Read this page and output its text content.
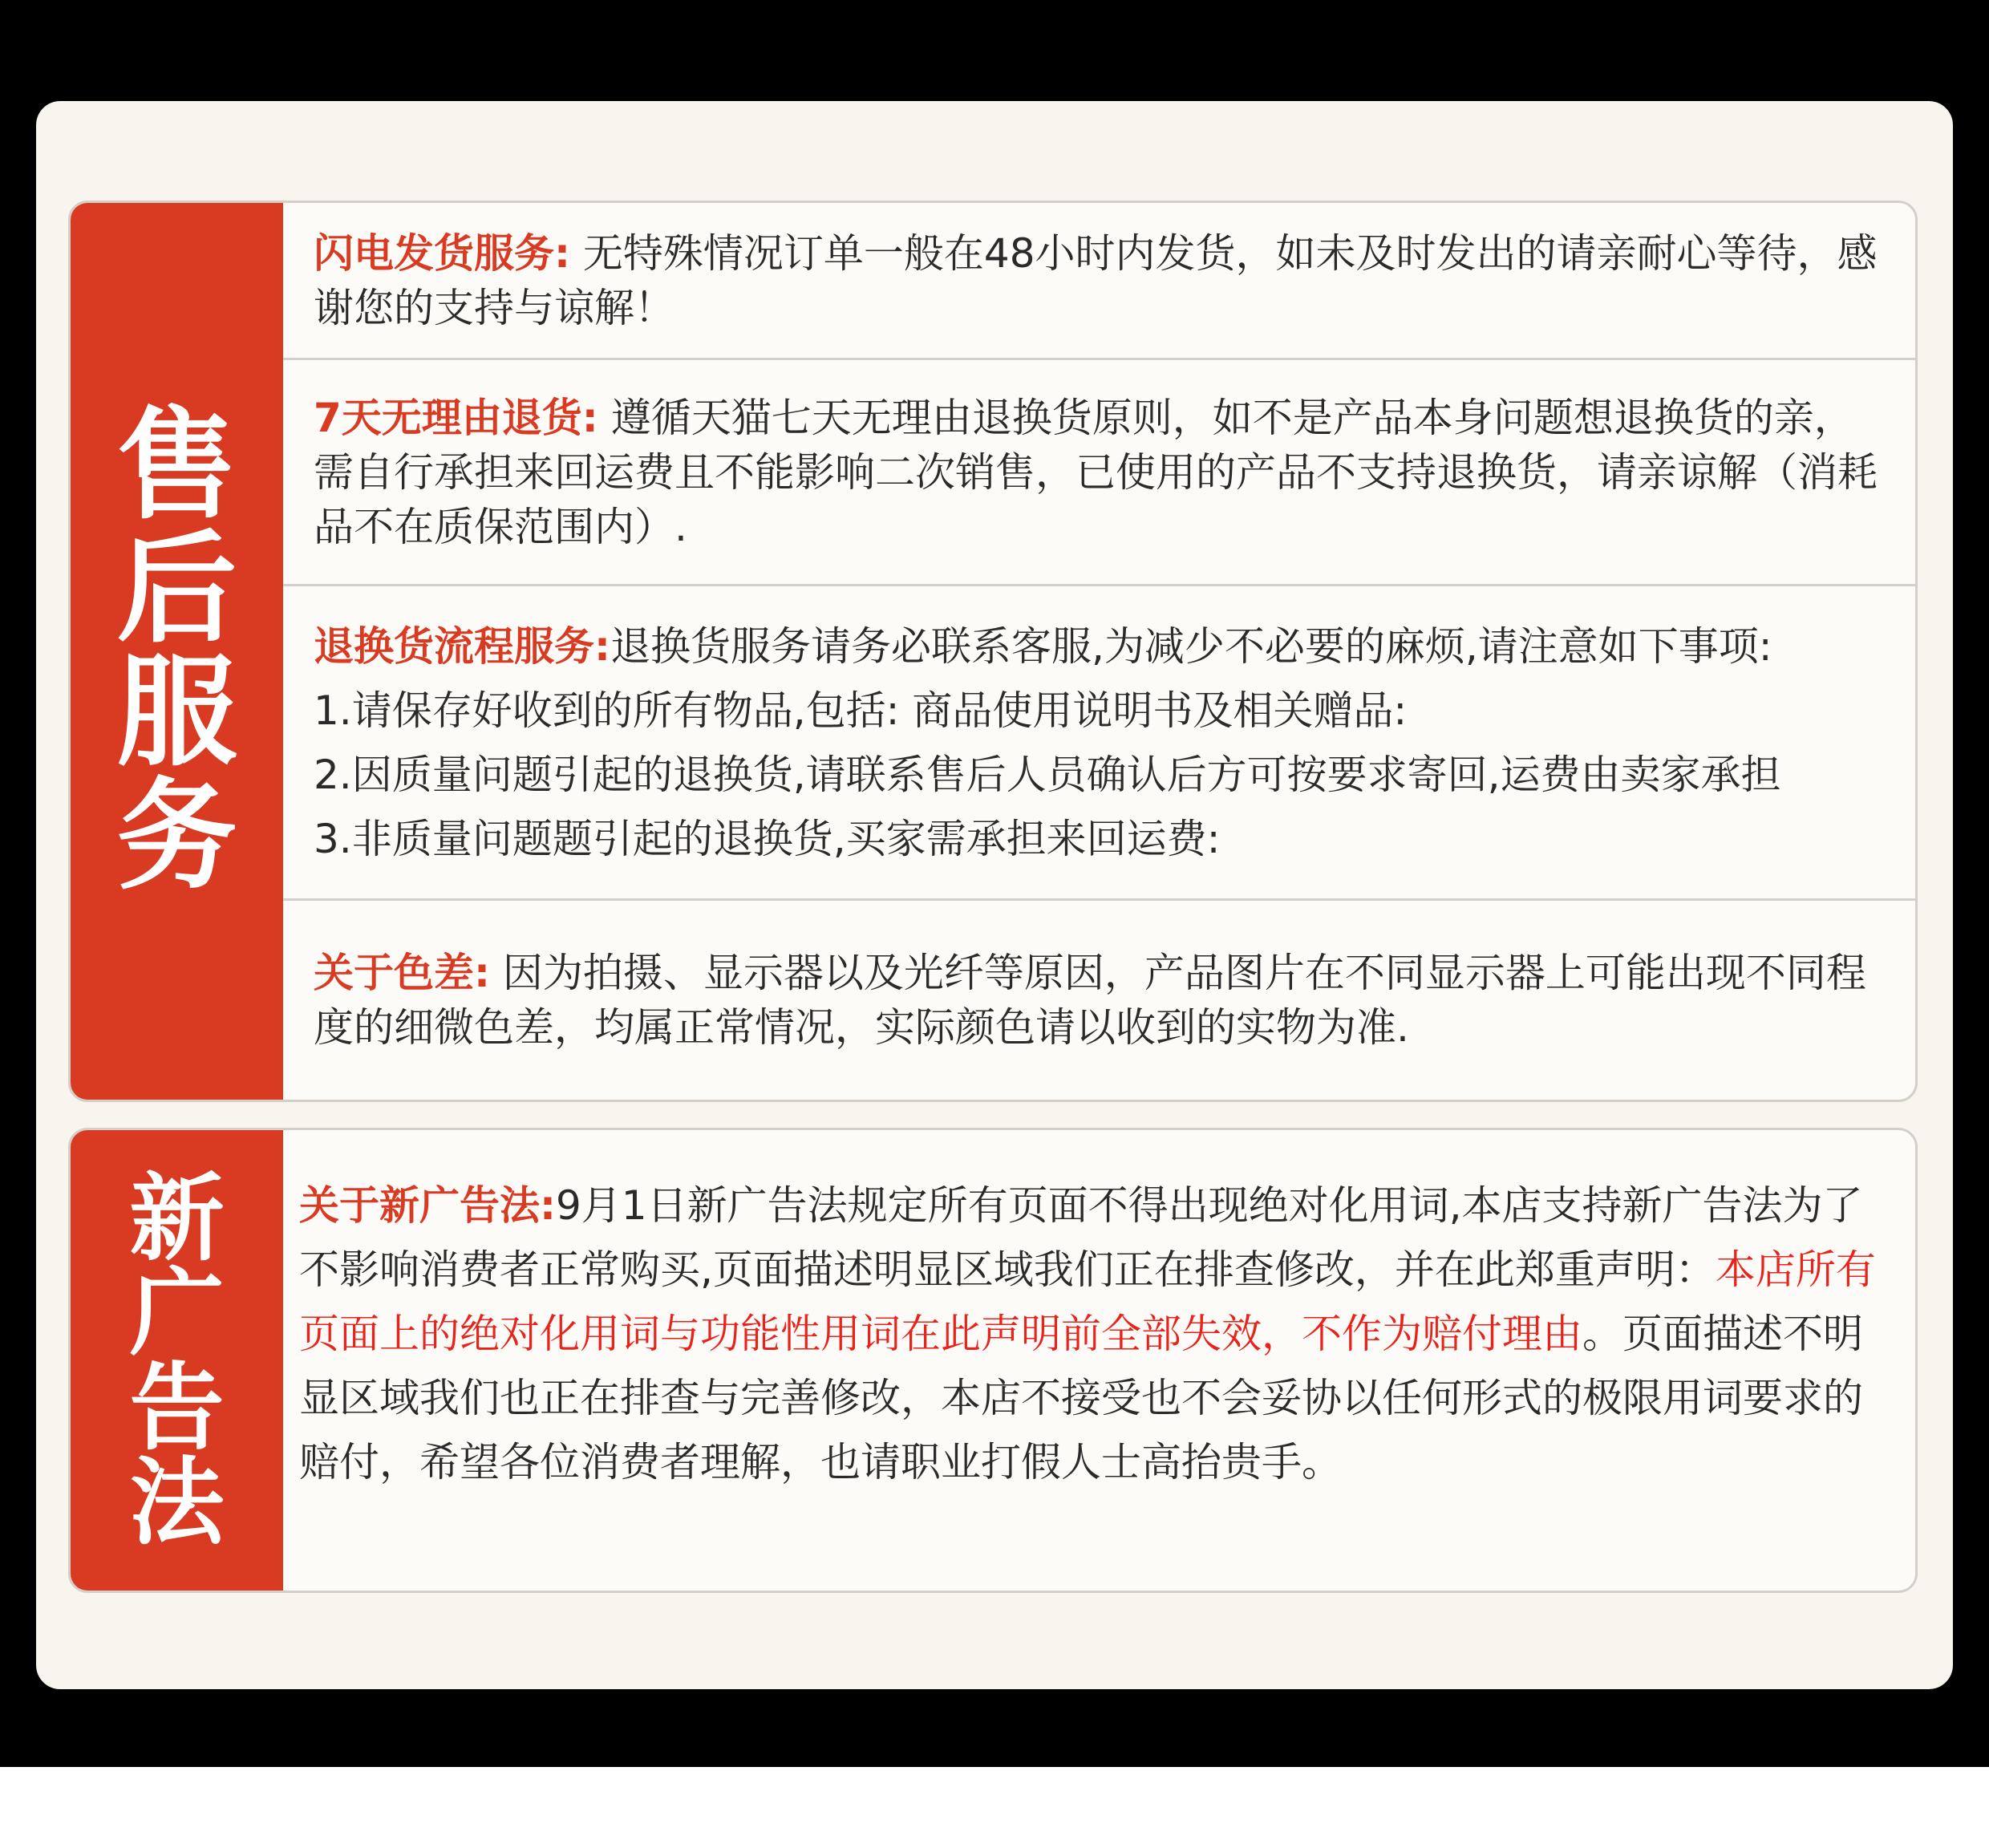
售
后
服
务
闪电发货服务: 无特殊情况订单一般在48小时内发货，如未及时发出的请亲耐心等待，感谢您的支持与谅解！
7天无理由退货: 遵循天猫七天无理由退换货原则，如不是产品本身问题想退换货的亲，需自行承担来回运费且不能影响二次销售，已使用的产品不支持退换货，请亲谅解（消耗品不在质保范围内）.

退换货流程服务:退换货服务请务必联系客服,为减少不必要的麻烦,请注意如下事项:

1.请保存好收到的所有物品,包括: 商品使用说明书及相关赠品:

2.因质量问题引起的退换货,请联系售后人员确认后方可按要求寄回,运费由卖家承担

3.非质量问题题引起的退换货,买家需承担来回运费:

关于色差: 因为拍摄、显示器以及光纤等原因，产品图片在不同显示器上可能出现不同程度的细微色差，均属正常情况，实际颜色请以收到的实物为准.
新
广
告
法
关于新广告法:9月1日新广告法规定所有页面不得出现绝对化用词,本店支持新广告法为了不影响消费者正常购买,页面描述明显区域我们正在排查修改，并在此郑重声明：本店所有页面上的绝对化用词与功能性用词在此声明前全部失效，不作为赔付理由。页面描述不明显区域我们也正在排查与完善修改，本店不接受也不会妥协以任何形式的极限用词要求的赔付，希望各位消费者理解，也请职业打假人士高抬贵手。
